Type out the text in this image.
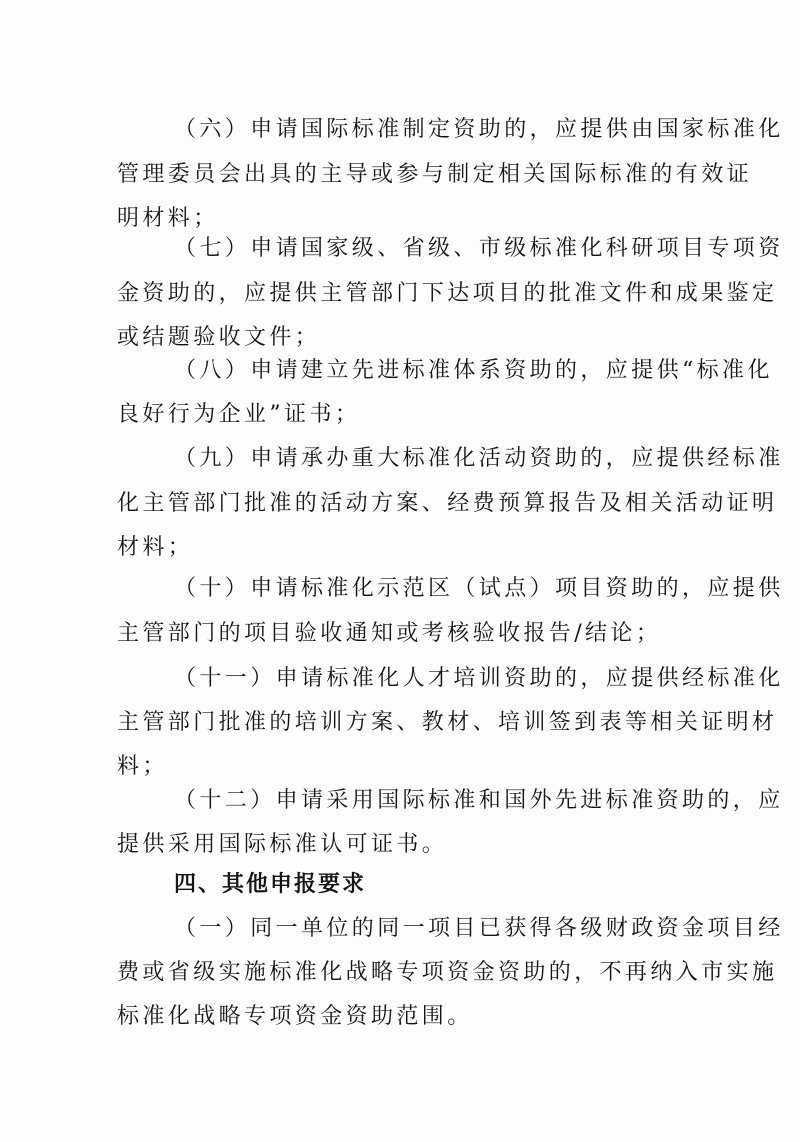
（六）申请国际标准制定资助的，应提供由国家标准化
管理委员会出具的主导或参与制定相关国际标准的有效证
明材料；
（七）申请国家级、省级、市级标准化科研项目专项资
金资助的，应提供主管部门下达项目的批准文件和成果鉴定
或结题验收文件；
（八）申请建立先进标准体系资助的，应提供“标准化
良好行为企业”证书；
（九）申请承办重大标准化活动资助的，应提供经标准
化主管部门批准的活动方案、经费预算报告及相关活动证明
材料；
（十）申请标准化示范区（试点）项目资助的，应提供
主管部门的项目验收通知或考核验收报告/结论；
（十一）申请标准化人才培训资助的，应提供经标准化
主管部门批准的培训方案、教材、培训签到表等相关证明材
料；
（十二）申请采用国际标准和国外先进标准资助的，应
提供采用国际标准认可证书。
四、其他申报要求
（一）同一单位的同一项目已获得各级财政资金项目经
费或省级实施标准化战略专项资金资助的，不再纳入市实施
标准化战略专项资金资助范围。
